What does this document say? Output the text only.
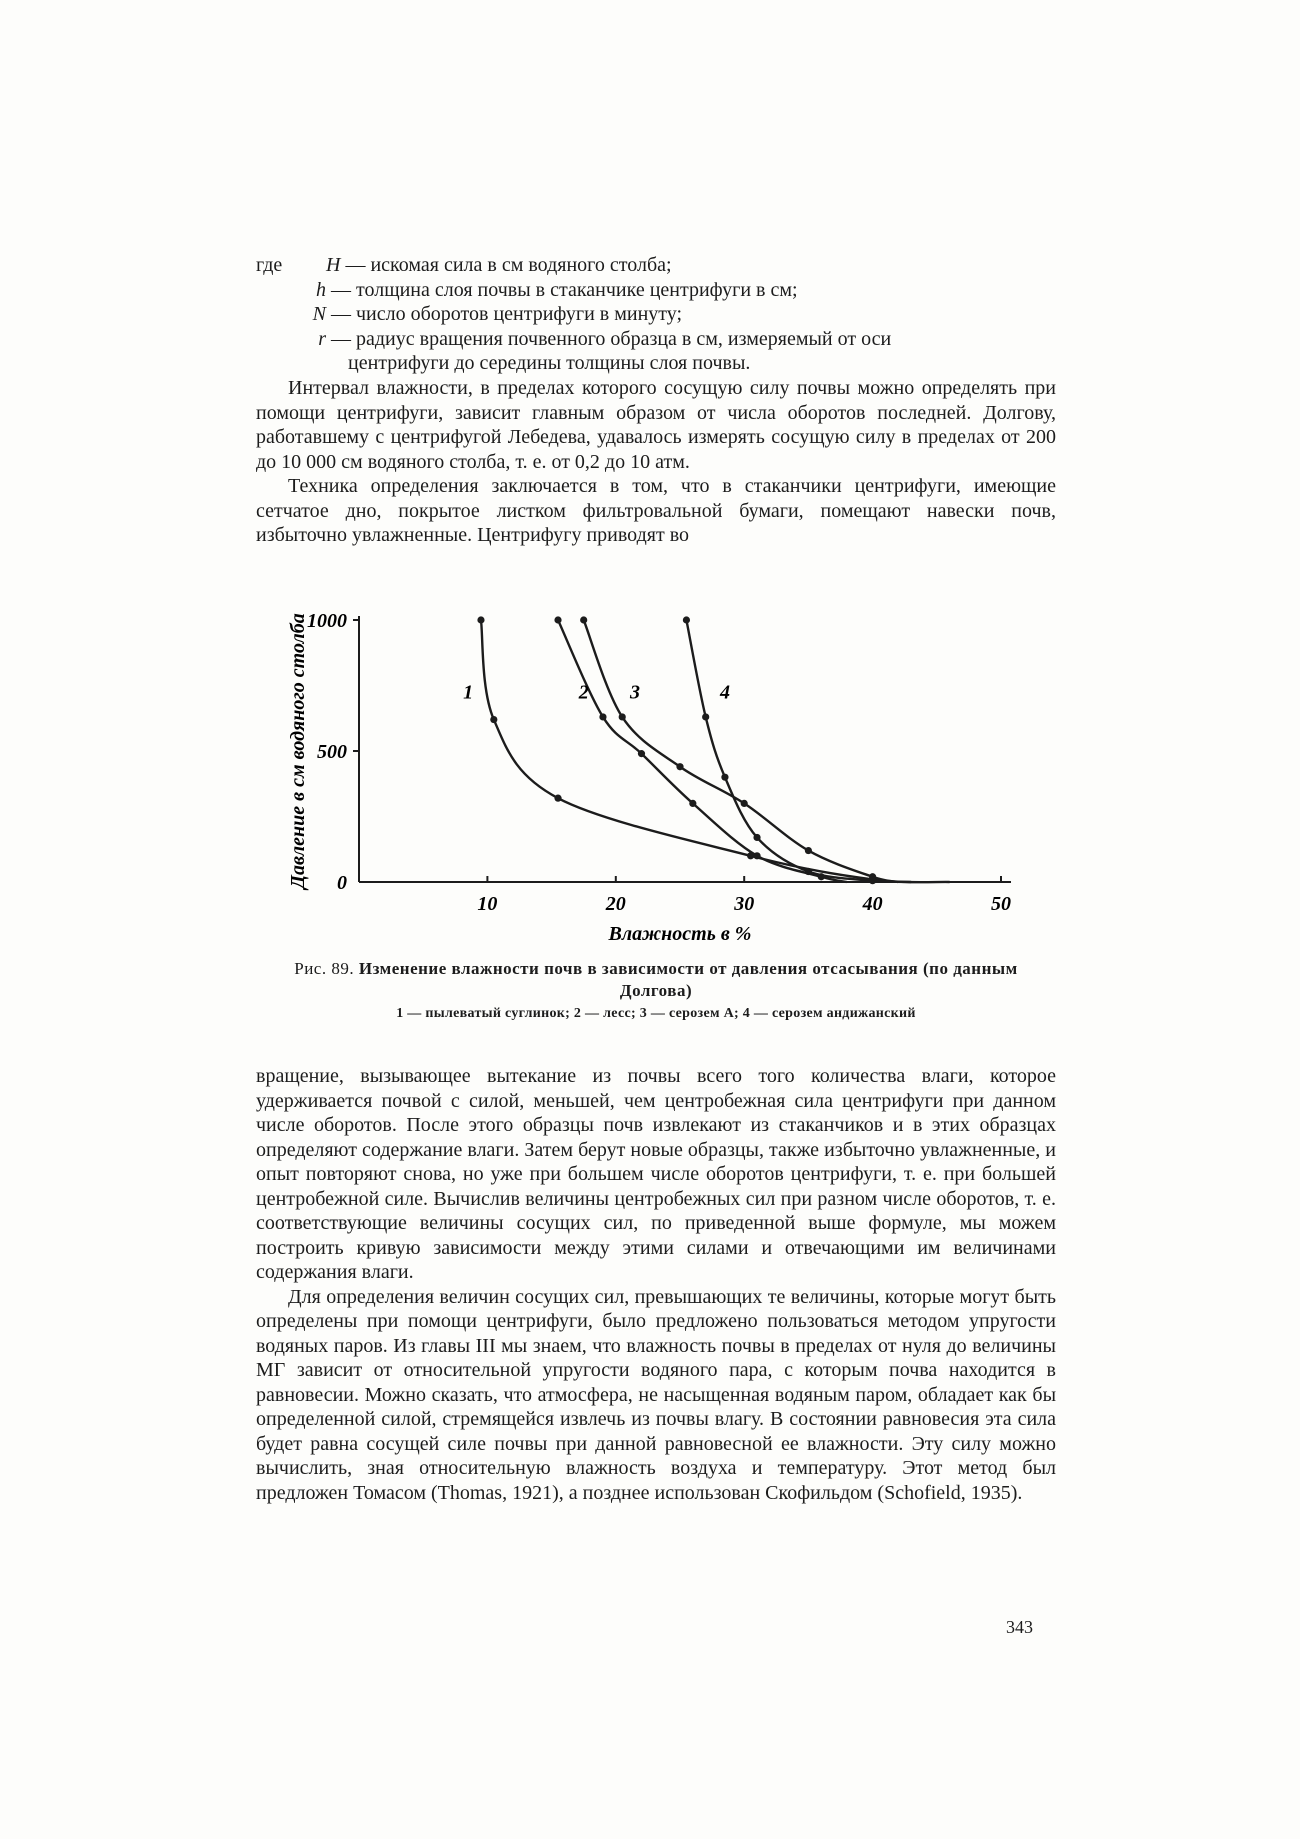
где H — искомая сила в см водяного столба;
h — толщина слоя почвы в стаканчике центрифуги в см;
N — число оборотов центрифуги в минуту;
r — радиус вращения почвенного образца в см, измеряемый от оси
центрифуги до середины толщины слоя почвы.

Интервал влажности, в пределах которого сосущую силу почвы можно определять при помощи центрифуги, зависит главным образом от числа оборотов последней. Долгову, работавшему с центрифугой Лебедева, удавалось измерять сосущую силу в пределах от 200 до 10 000 см водяного столба, т. е. от 0,2 до 10 атм.

Техника определения заключается в том, что в стаканчики центрифуги, имеющие сетчатое дно, покрытое листком фильтровальной бумаги, помещают навески почв, избыточно увлажненные. Центрифугу приводят во

0
500
1000
10	20	30	40	50
Влажность в %
Давление в см водяного столба	1	2 3	4
Рис. 89. Изменение влажности почв в зависимости от давления отсасывания (по данным Долгова)
1 — пылеватый суглинок; 2 — лесс; 3 — серозем А; 4 — серозем андижанский

вращение, вызывающее вытекание из почвы всего того количества влаги, которое удерживается почвой с силой, меньшей, чем центробежная сила центрифуги при данном числе оборотов. После этого образцы почв извлекают из стаканчиков и в этих образцах определяют содержание влаги. Затем берут новые образцы, также избыточно увлажненные, и опыт повторяют снова, но уже при большем числе оборотов центрифуги, т. е. при большей центробежной силе. Вычислив величины центробежных сил при разном числе оборотов, т. е. соответствующие величины сосущих сил, по приведенной выше формуле, мы можем построить кривую зависимости между этими силами и отвечающими им величинами содержания влаги.

Для определения величин сосущих сил, превышающих те величины, которые могут быть определены при помощи центрифуги, было предложено пользоваться методом упругости водяных паров. Из главы III мы знаем, что влажность почвы в пределах от нуля до величины МГ зависит от относительной упругости водяного пара, с которым почва находится в равновесии. Можно сказать, что атмосфера, не насыщенная водяным паром, обладает как бы определенной силой, стремящейся извлечь из почвы влагу. В состоянии равновесия эта сила будет равна сосущей силе почвы при данной равновесной ее влажности. Эту силу можно вычислить, зная относительную влажность воздуха и температуру. Этот метод был предложен Томасом (Thomas, 1921), а позднее использован Скофильдом (Schofield, 1935).

343
